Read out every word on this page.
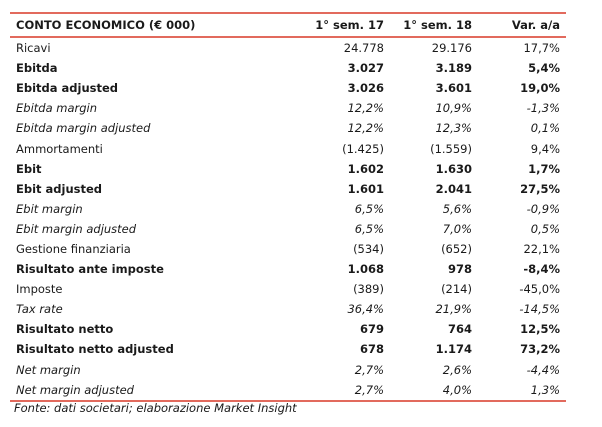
CONTO ECONOMICO (€ 000)	1° sem. 17	1° sem. 18	Var. a/a
Ricavi	24.778	29.176	17,7%
Ebitda	3.027	3.189	5,4%
Ebitda adjusted	3.026	3.601	19,0%
Ebitda margin	12,2%	10,9%	-1,3%
Ebitda margin adjusted	12,2%	12,3%	0,1%
Ammortamenti	(1.425)	(1.559)	9,4%
Ebit	1.602	1.630	1,7%
Ebit adjusted	1.601	2.041	27,5%
Ebit margin	6,5%	5,6%	-0,9%
Ebit margin adjusted	6,5%	7,0%	0,5%
Gestione finanziaria	(534)	(652)	22,1%
Risultato ante imposte	1.068	978	-8,4%
Imposte	(389)	(214)	-45,0%
Tax rate	36,4%	21,9%	-14,5%
Risultato netto	679	764	12,5%
Risultato netto adjusted	678	1.174	73,2%
Net margin	2,7%	2,6%	-4,4%
Net margin adjusted	2,7%	4,0%	1,3%
Fonte: dati societari; elaborazione Market Insight
